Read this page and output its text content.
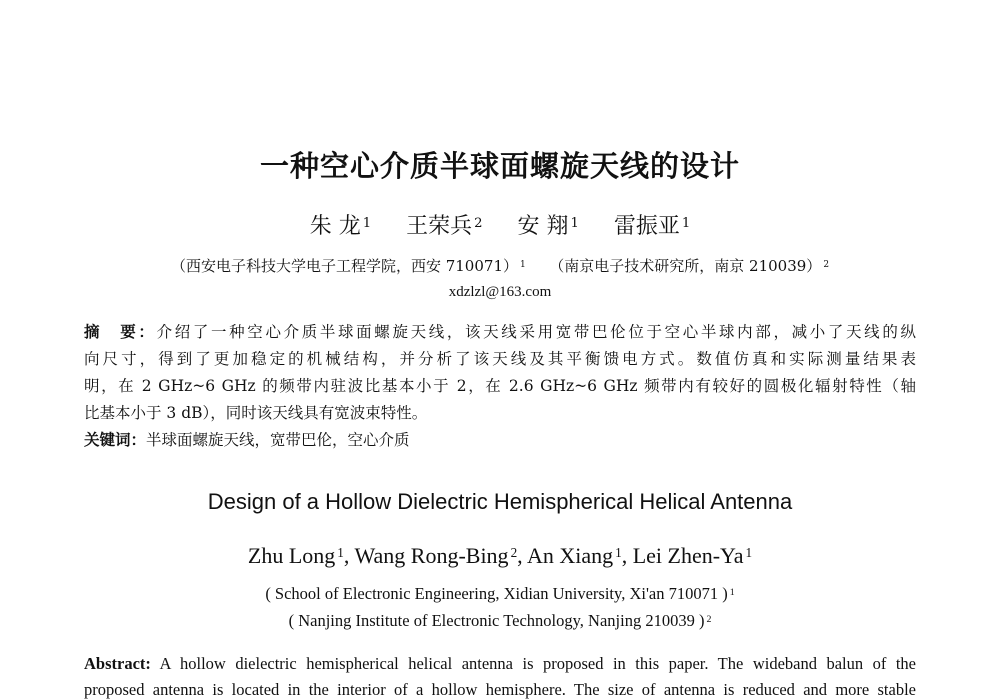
一种空心介质半球面螺旋天线的设计
朱 龙 $^1$ 王荣兵 $^2$ 安 翔 $^1$ 雷振亚 $^1$
（西安电子科技大学电子工程学院，西安 710071） $^1$ （南京电子技术研究所，南京 210039） $^2$
xdzlzl@163.com
摘　要：介绍了一种空心介质半球面螺旋天线，该天线采用宽带巴伦位于空心半球内部，减小了天线的纵
向尺寸，得到了更加稳定的机械结构，并分析了该天线及其平衡馈电方式。数值仿真和实际测量结果表
明，在 2 GHz~6 GHz 的频带内驻波比基本小于 2，在 2.6 GHz~6 GHz 频带内有较好的圆极化辐射特性（轴
比基本小于 3 dB），同时该天线具有宽波束特性。
关键词：半球面螺旋天线，宽带巴伦，空心介质
Design of a Hollow Dielectric Hemispherical Helical Antenna
Zhu Long $^1$, Wang Rong-Bing $^2$, An Xiang $^1$, Lei Zhen-Ya $^1$
( School of Electronic Engineering, Xidian University, Xi'an 710071 ) $^1$
( Nanjing Institute of Electronic Technology, Nanjing 210039 ) $^2$
Abstract: A hollow dielectric hemispherical helical antenna is proposed in this paper. The wideband balun of the
proposed antenna is located in the interior of a hollow hemisphere. The size of antenna is reduced and more stable
